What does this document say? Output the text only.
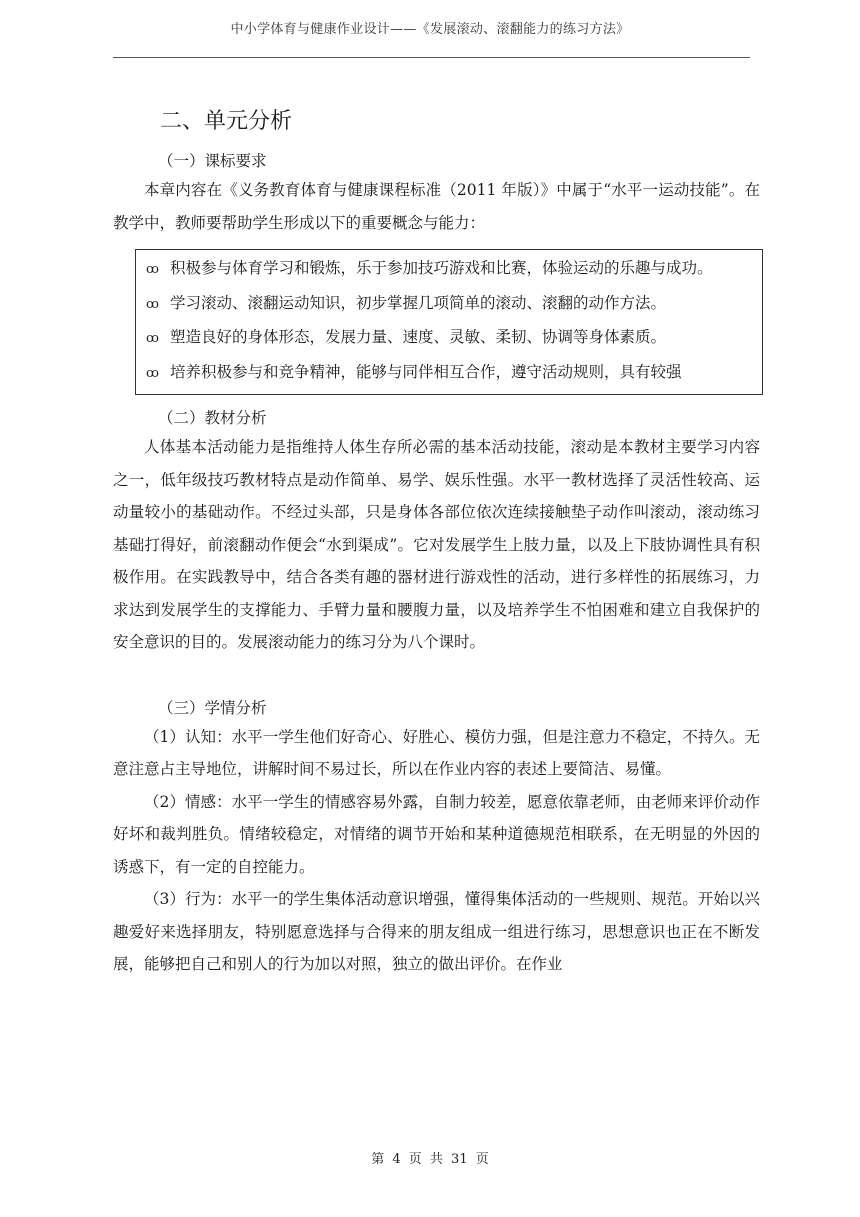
中小学体育与健康作业设计——《发展滚动、滚翻能力的练习方法》
二、单元分析
（一）课标要求

本章内容在《义务教育体育与健康课程标准（2011 年版）》中属于“水平一运动技能”。在教学中，教师要帮助学生形成以下的重要概念与能力：

ꝏ 积极参与体育学习和锻炼，乐于参加技巧游戏和比赛，体验运动的乐趣与成功。

ꝏ 学习滚动、滚翻运动知识，初步掌握几项简单的滚动、滚翻的动作方法。

ꝏ 塑造良好的身体形态，发展力量、速度、灵敏、柔韧、协调等身体素质。

ꝏ 培养积极参与和竞争精神，能够与同伴相互合作，遵守活动规则，具有较强

（二）教材分析

人体基本活动能力是指维持人体生存所必需的基本活动技能，滚动是本教材主要学习内容之一，低年级技巧教材特点是动作简单、易学、娱乐性强。水平一教材选择了灵活性较高、运动量较小的基础动作。不经过头部，只是身体各部位依次连续接触垫子动作叫滚动，滚动练习基础打得好，前滚翻动作便会“水到渠成”。它对发展学生上肢力量，以及上下肢协调性具有积极作用。在实践教导中，结合各类有趣的器材进行游戏性的活动，进行多样性的拓展练习，力求达到发展学生的支撑能力、手臂力量和腰腹力量，以及培养学生不怕困难和建立自我保护的安全意识的目的。发展滚动能力的练习分为八个课时。

（三）学情分析

（1）认知：水平一学生他们好奇心、好胜心、模仿力强，但是注意力不稳定，不持久。无意注意占主导地位，讲解时间不易过长，所以在作业内容的表述上要简洁、易懂。

（2）情感：水平一学生的情感容易外露，自制力较差，愿意依靠老师，由老师来评价动作好坏和裁判胜负。情绪较稳定，对情绪的调节开始和某种道德规范相联系，在无明显的外因的诱惑下，有一定的自控能力。

（3）行为：水平一的学生集体活动意识增强，懂得集体活动的一些规则、规范。开始以兴趣爱好来选择朋友，特别愿意选择与合得来的朋友组成一组进行练习，思想意识也正在不断发展，能够把自己和别人的行为加以对照，独立的做出评价。在作业

第 4 页 共 31 页
